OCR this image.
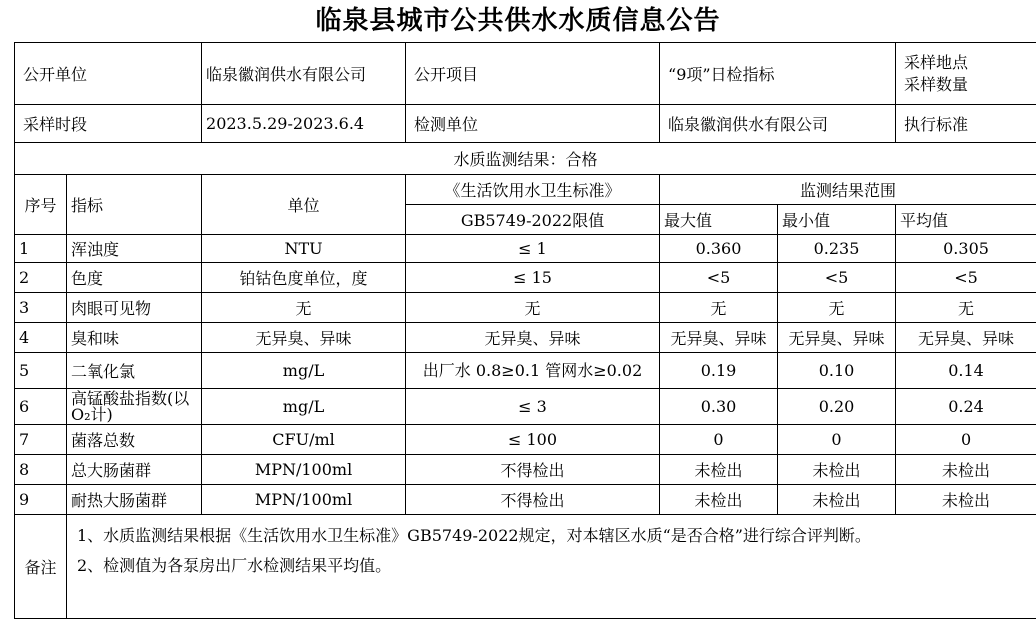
临泉县城市公共供水水质信息公告
公开单位		临泉徽润供水有限公司	公开项目	“9项”日检指标		采样地点
采样数量

采样时段		2023.5.29-2023.6.4	检测单位	临泉徽润供水有限公司		执行标准
水质监测结果：合格						
序号	指标	单位	《生活饮用水卫生标准》	监测结果范围		
			GB5749-2022限值	最大值	最小值	平均值
1	浑浊度	NTU	≤ 1	0.360	0.235	0.305
2	色度	铂钴色度单位，度	≤ 15	<5	<5	<5
3	肉眼可见物	无	无	无	无	无
4	臭和味	无异臭、异味	无异臭、异味	无异臭、异味	无异臭、异味	无异臭、异味
5	二氧化氯	mg/L	出厂水 0.8≥0.1 管网水≥0.02	0.19	0.10	0.14
6	高锰酸盐指数(以O₂计)	mg/L	≤ 3	0.30	0.20	0.24
7	菌落总数	CFU/ml	≤ 100	0	0	0
8	总大肠菌群	MPN/100ml	不得检出	未检出	未检出	未检出
9	耐热大肠菌群	MPN/100ml	不得检出	未检出	未检出	未检出
备注	1、水质监测结果根据《生活饮用水卫生标准》GB5749-2022规定，对本辖区水质“是否合格”进行综合评判断。

2、检测值为各泵房出厂水检测结果平均值。					
